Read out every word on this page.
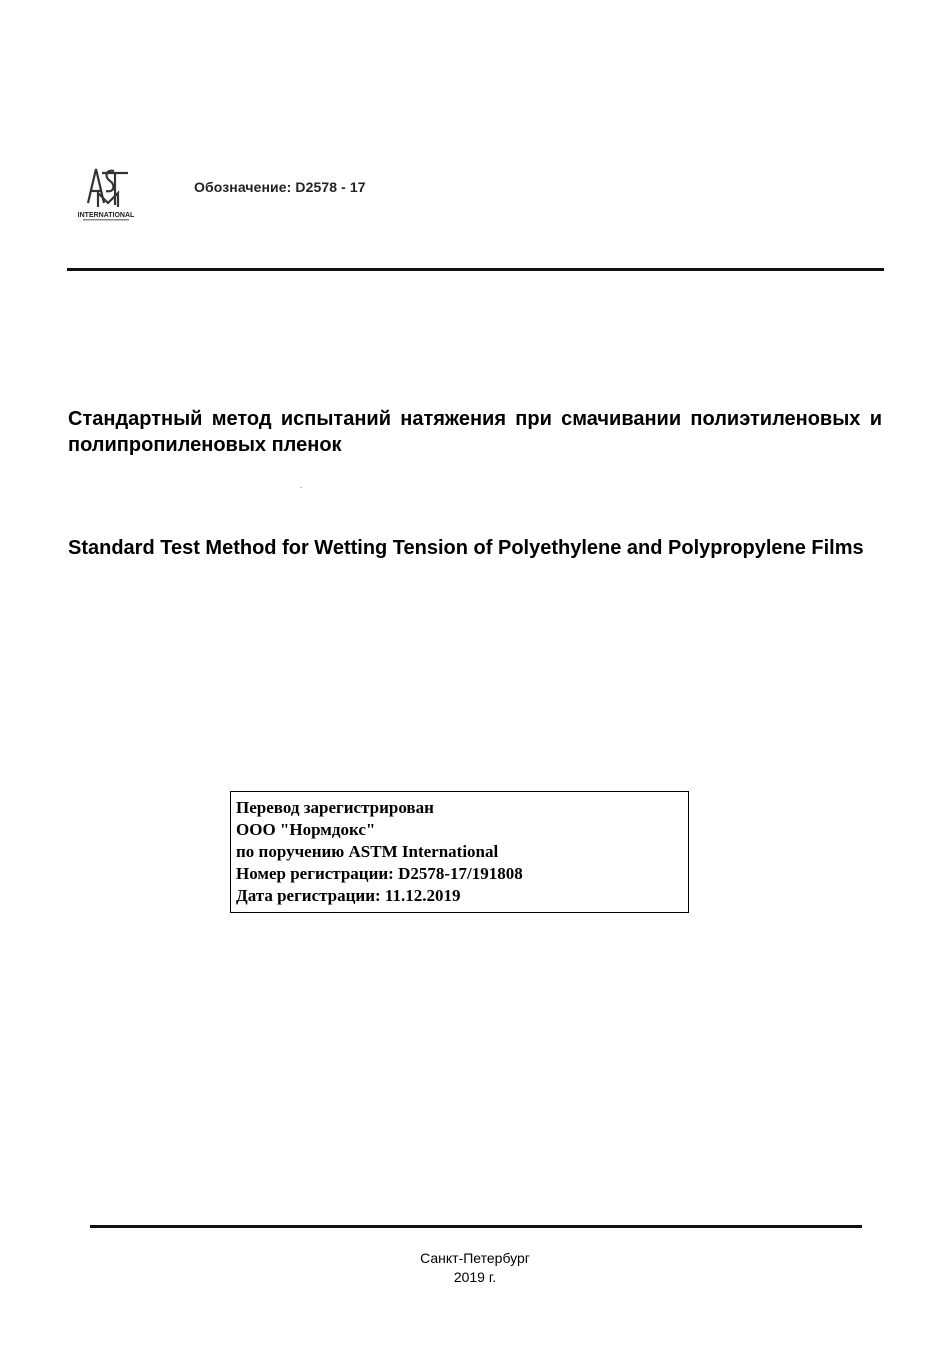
INTERNATIONAL
Обозначение: D2578 - 17
Стандартный метод испытаний натяжения при смачивании полиэтиленовых и полипропиленовых пленок
Standard Test Method for Wetting Tension of Polyethylene and Polypropylene Films
Перевод зарегистрирован
ООО "Нормдокс"
по поручению ASTM International
Номер регистрации: D2578-17/191808
Дата регистрации: 11.12.2019
Санкт-Петербург
2019 г.
